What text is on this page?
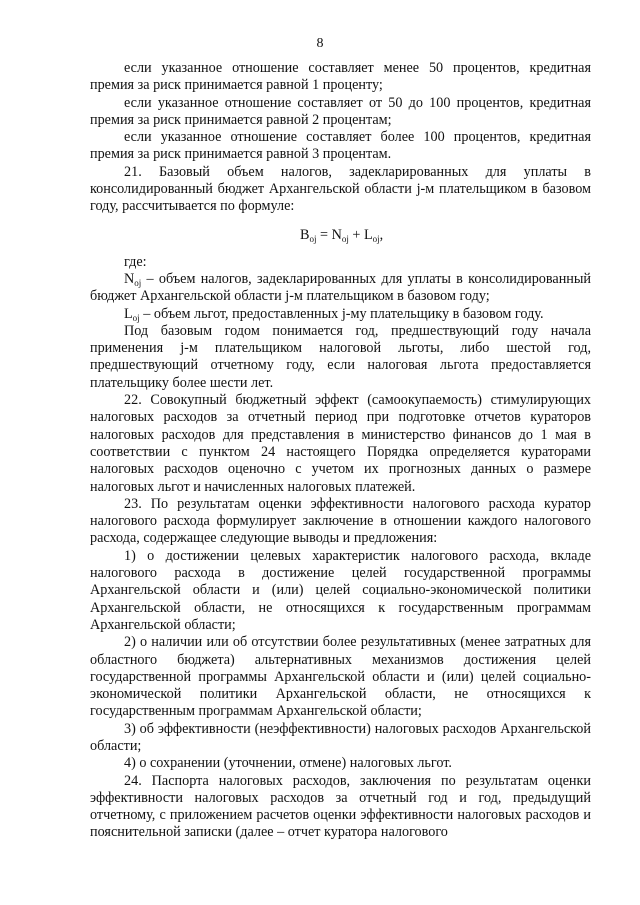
8

если указанное отношение составляет менее 50 процентов, кредитная премия за риск принимается равной 1 проценту;

если указанное отношение составляет от 50 до 100 процентов, кредитная премия за риск принимается равной 2 процентам;

если указанное отношение составляет более 100 процентов, кредитная премия за риск принимается равной 3 процентам.

21. Базовый объем налогов, задекларированных для уплаты в консолидированный бюджет Архангельской области j-м плательщиком в базовом году, рассчитывается по формуле:

$B_{oj} = N_{oj} + L_{oj}$,

где:

$N_{oj}$ – объем налогов, задекларированных для уплаты в консолидированный бюджет Архангельской области j-м плательщиком в базовом году;

$L_{oj}$ – объем льгот, предоставленных j-му плательщику в базовом году.

Под базовым годом понимается год, предшествующий году начала применения j-м плательщиком налоговой льготы, либо шестой год, предшествующий отчетному году, если налоговая льгота предоставляется плательщику более шести лет.

22. Совокупный бюджетный эффект (самоокупаемость) стимулирующих налоговых расходов за отчетный период при подготовке отчетов кураторов налоговых расходов для представления в министерство финансов до 1 мая в соответствии с пунктом 24 настоящего Порядка определяется кураторами налоговых расходов оценочно с учетом их прогнозных данных о размере налоговых льгот и начисленных налоговых платежей.

23. По результатам оценки эффективности налогового расхода куратор налогового расхода формулирует заключение в отношении каждого налогового расхода, содержащее следующие выводы и предложения:

1) о достижении целевых характеристик налогового расхода, вкладе налогового расхода в достижение целей государственной программы Архангельской области и (или) целей социально-экономической политики Архангельской области, не относящихся к государственным программам Архангельской области;

2) о наличии или об отсутствии более результативных (менее затратных для областного бюджета) альтернативных механизмов достижения целей государственной программы Архангельской области и (или) целей социально-экономической политики Архангельской области, не относящихся к государственным программам Архангельской области;

3) об эффективности (неэффективности) налоговых расходов Архангельской области;

4) о сохранении (уточнении, отмене) налоговых льгот.

24. Паспорта налоговых расходов, заключения по результатам оценки эффективности налоговых расходов за отчетный год и год, предыдущий отчетному, с приложением расчетов оценки эффективности налоговых расходов и пояснительной записки (далее – отчет куратора налогового
